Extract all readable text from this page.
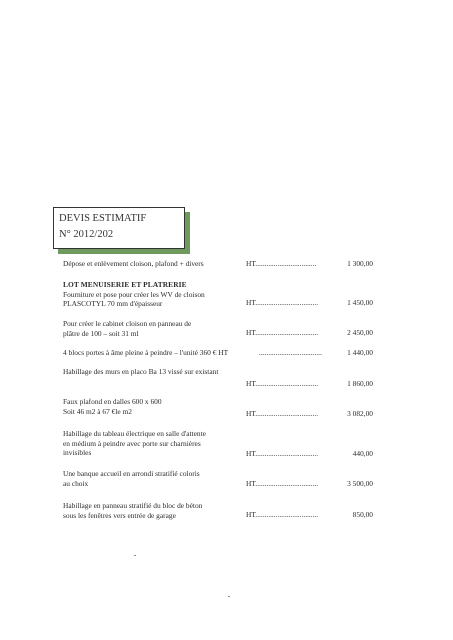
DEVIS ESTIMATIF
N° 2012/202
Dépose et enlèvement cloison, plafond + divers	HT.................................	1 300,00
LOT MENUISERIE ET PLATRERIE
Fourniture et pose pour créer les WV de cloison
PLASCOTYL 70 mm d'épaisseur	HT..................................	1 450,00
Pour créer le cabinet cloison en panneau de
plâtre de 100 – soit 31 ml	HT..................................	2 450,00
4 blocs portes à âme pleine à peindre – l'unité 360 € HT	..................................	1 440,00
Habillage des murs en placo Ba 13 vissé sur existant
HT..................................	1 860,00
Faux plafond en dalles 600 x 600
Soit 46 m2 à 67 €le m2	HT..................................	3 082,00
Habillage du tableau électrique en salle d'attente
en médium à peindre avec porte sur charnières
invisibles	HT..................................	440,00
Une banque accueil en arrondi stratifié coloris
au choix	HT..................................	3 500,00
Habillage en panneau stratifié du bloc de béton
sous les fenêtres vers entrée de garage	HT..................................	850,00
